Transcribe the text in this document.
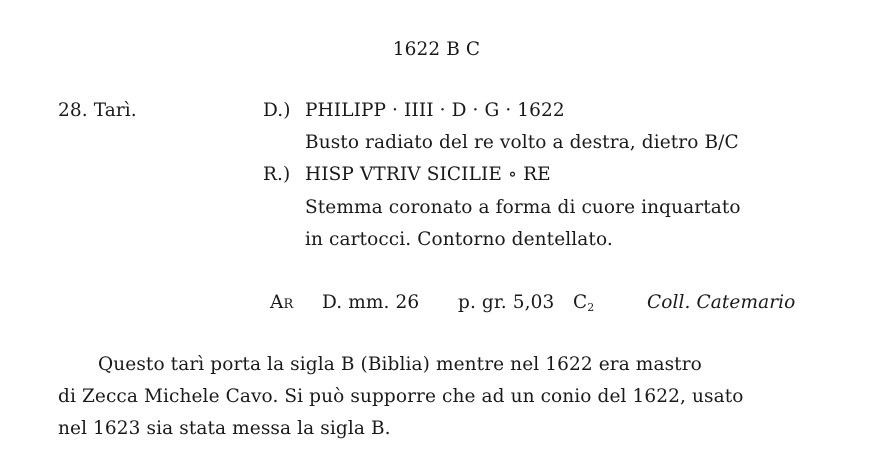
1622 B C
28. Tarì.	D.) PHILIPP · IIII · D · G · 1622
Busto radiato del re volto a destra, dietro B/C
R.) HISP VTRIV SICILIE ∘ RE
Stemma coronato a forma di cuore inquartato
in cartocci. Contorno dentellato.
Ar D. mm. 26 p. gr. 5,03 $C_2$	Coll. Catemario
Questo tarì porta la sigla B (Biblia) mentre nel 1622 era mastro
di Zecca Michele Cavo. Si può supporre che ad un conio del 1622, usato
nel 1623 sia stata messa la sigla B.
